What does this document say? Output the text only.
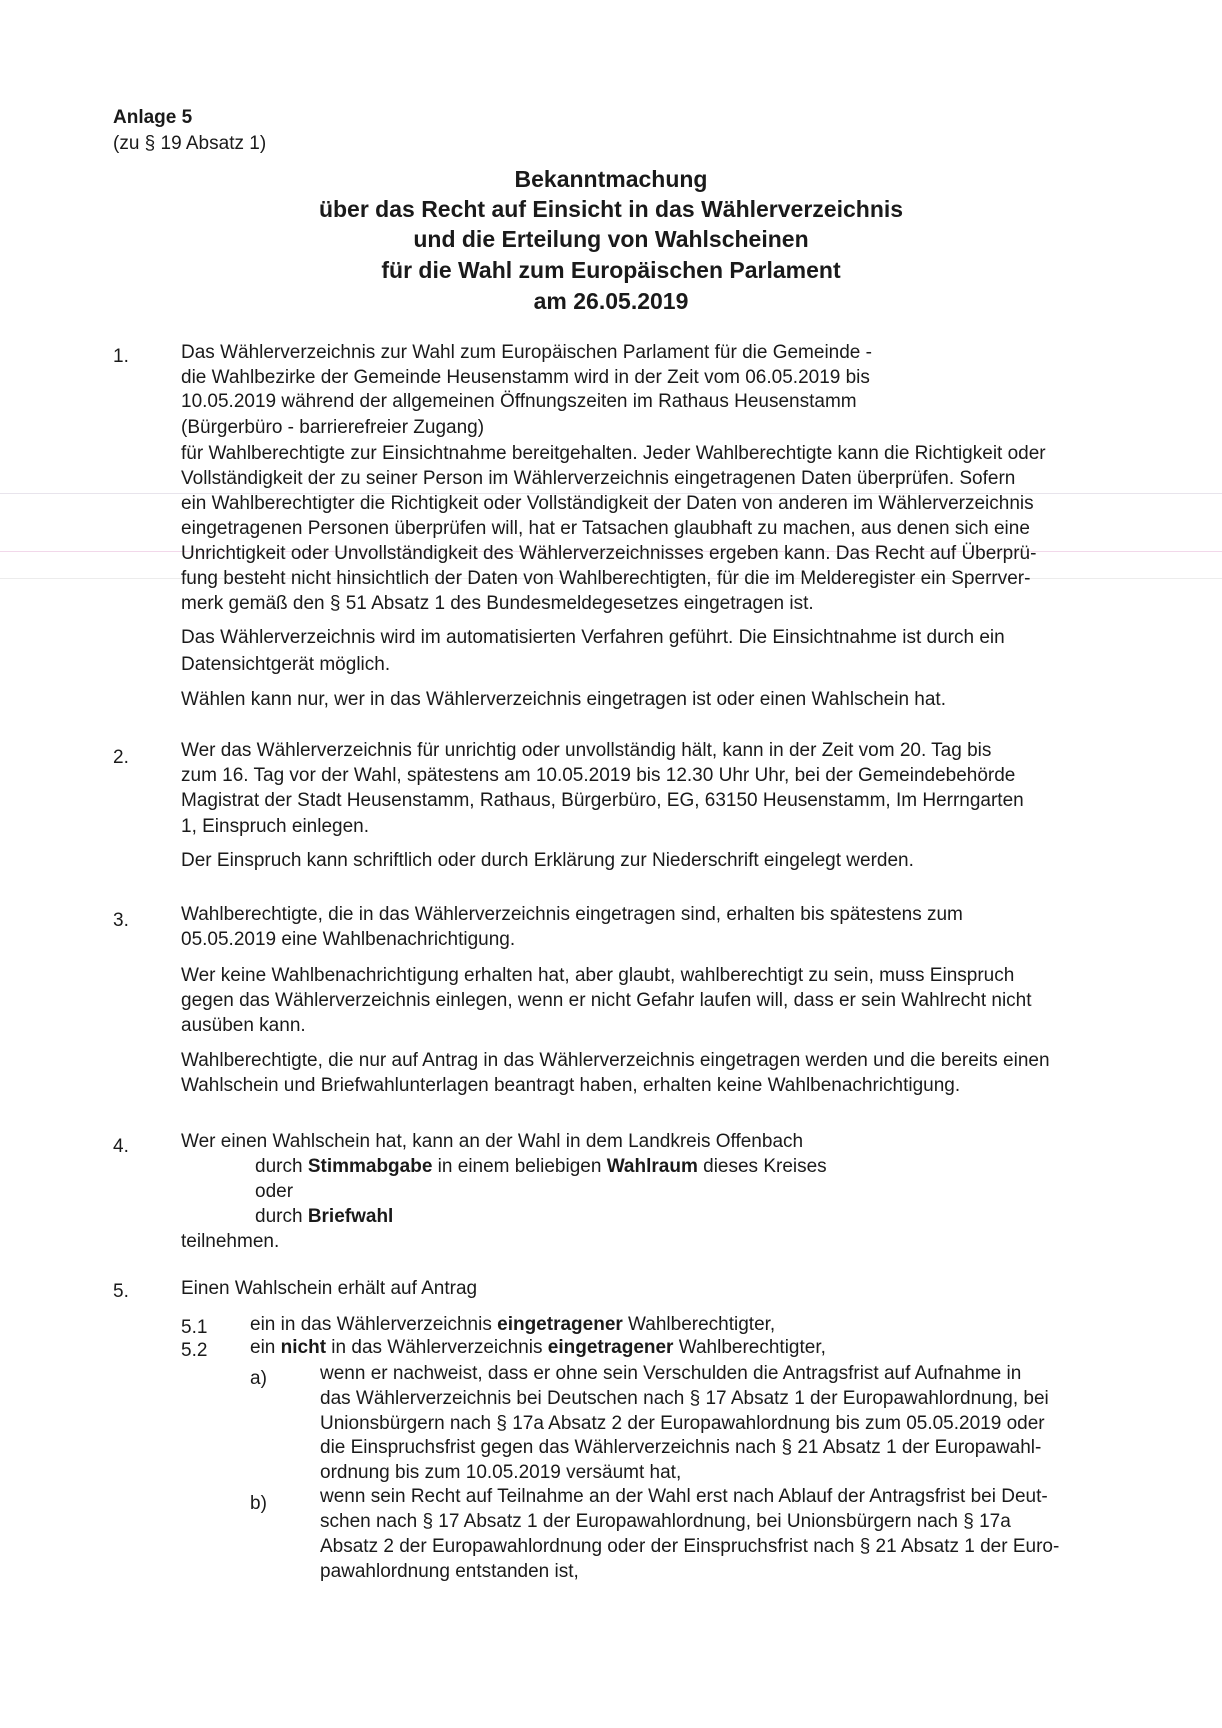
Anlage 5
(zu § 19 Absatz 1)
Bekanntmachung
über das Recht auf Einsicht in das Wählerverzeichnis
und die Erteilung von Wahlscheinen
für die Wahl zum Europäischen Parlament
am 26.05.2019
1.	Das Wählerverzeichnis zur Wahl zum Europäischen Parlament für die Gemeinde -
die Wahlbezirke der Gemeinde Heusenstamm wird in der Zeit vom 06.05.2019 bis
10.05.2019 während der allgemeinen Öffnungszeiten im Rathaus Heusenstamm
(Bürgerbüro - barrierefreier Zugang)
für Wahlberechtigte zur Einsichtnahme bereitgehalten. Jeder Wahlberechtigte kann die Richtigkeit oder
Vollständigkeit der zu seiner Person im Wählerverzeichnis eingetragenen Daten überprüfen. Sofern
ein Wahlberechtigter die Richtigkeit oder Vollständigkeit der Daten von anderen im Wählerverzeichnis
eingetragenen Personen überprüfen will, hat er Tatsachen glaubhaft zu machen, aus denen sich eine
Unrichtigkeit oder Unvollständigkeit des Wählerverzeichnisses ergeben kann. Das Recht auf Überprü-
fung besteht nicht hinsichtlich der Daten von Wahlberechtigten, für die im Melderegister ein Sperrver-
merk gemäß den § 51 Absatz 1 des Bundesmeldegesetzes eingetragen ist.
Das Wählerverzeichnis wird im automatisierten Verfahren geführt. Die Einsichtnahme ist durch ein
Datensichtgerät möglich.
Wählen kann nur, wer in das Wählerverzeichnis eingetragen ist oder einen Wahlschein hat.
2.	Wer das Wählerverzeichnis für unrichtig oder unvollständig hält, kann in der Zeit vom 20. Tag bis
zum 16. Tag vor der Wahl, spätestens am 10.05.2019 bis 12.30 Uhr Uhr, bei der Gemeindebehörde
Magistrat der Stadt Heusenstamm, Rathaus, Bürgerbüro, EG, 63150 Heusenstamm, Im Herrngarten
1, Einspruch einlegen.
Der Einspruch kann schriftlich oder durch Erklärung zur Niederschrift eingelegt werden.
3.	Wahlberechtigte, die in das Wählerverzeichnis eingetragen sind, erhalten bis spätestens zum
05.05.2019 eine Wahlbenachrichtigung.
Wer keine Wahlbenachrichtigung erhalten hat, aber glaubt, wahlberechtigt zu sein, muss Einspruch
gegen das Wählerverzeichnis einlegen, wenn er nicht Gefahr laufen will, dass er sein Wahlrecht nicht
ausüben kann.
Wahlberechtigte, die nur auf Antrag in das Wählerverzeichnis eingetragen werden und die bereits einen
Wahlschein und Briefwahlunterlagen beantragt haben, erhalten keine Wahlbenachrichtigung.
4.	Wer einen Wahlschein hat, kann an der Wahl in dem Landkreis Offenbach
durch Stimmabgabe in einem beliebigen Wahlraum dieses Kreises
oder
durch Briefwahl
teilnehmen.
5.	Einen Wahlschein erhält auf Antrag
5.1 ein in das Wählerverzeichnis eingetragener Wahlberechtigter,
5.2 ein nicht in das Wählerverzeichnis eingetragener Wahlberechtigter,
a)	wenn er nachweist, dass er ohne sein Verschulden die Antragsfrist auf Aufnahme in
das Wählerverzeichnis bei Deutschen nach § 17 Absatz 1 der Europawahlordnung, bei
Unionsbürgern nach § 17a Absatz 2 der Europawahlordnung bis zum 05.05.2019 oder
die Einspruchsfrist gegen das Wählerverzeichnis nach § 21 Absatz 1 der Europawahl-
ordnung bis zum 10.05.2019 versäumt hat,
b)	wenn sein Recht auf Teilnahme an der Wahl erst nach Ablauf der Antragsfrist bei Deut-
schen nach § 17 Absatz 1 der Europawahlordnung, bei Unionsbürgern nach § 17a
Absatz 2 der Europawahlordnung oder der Einspruchsfrist nach § 21 Absatz 1 der Euro-
pawahlordnung entstanden ist,
